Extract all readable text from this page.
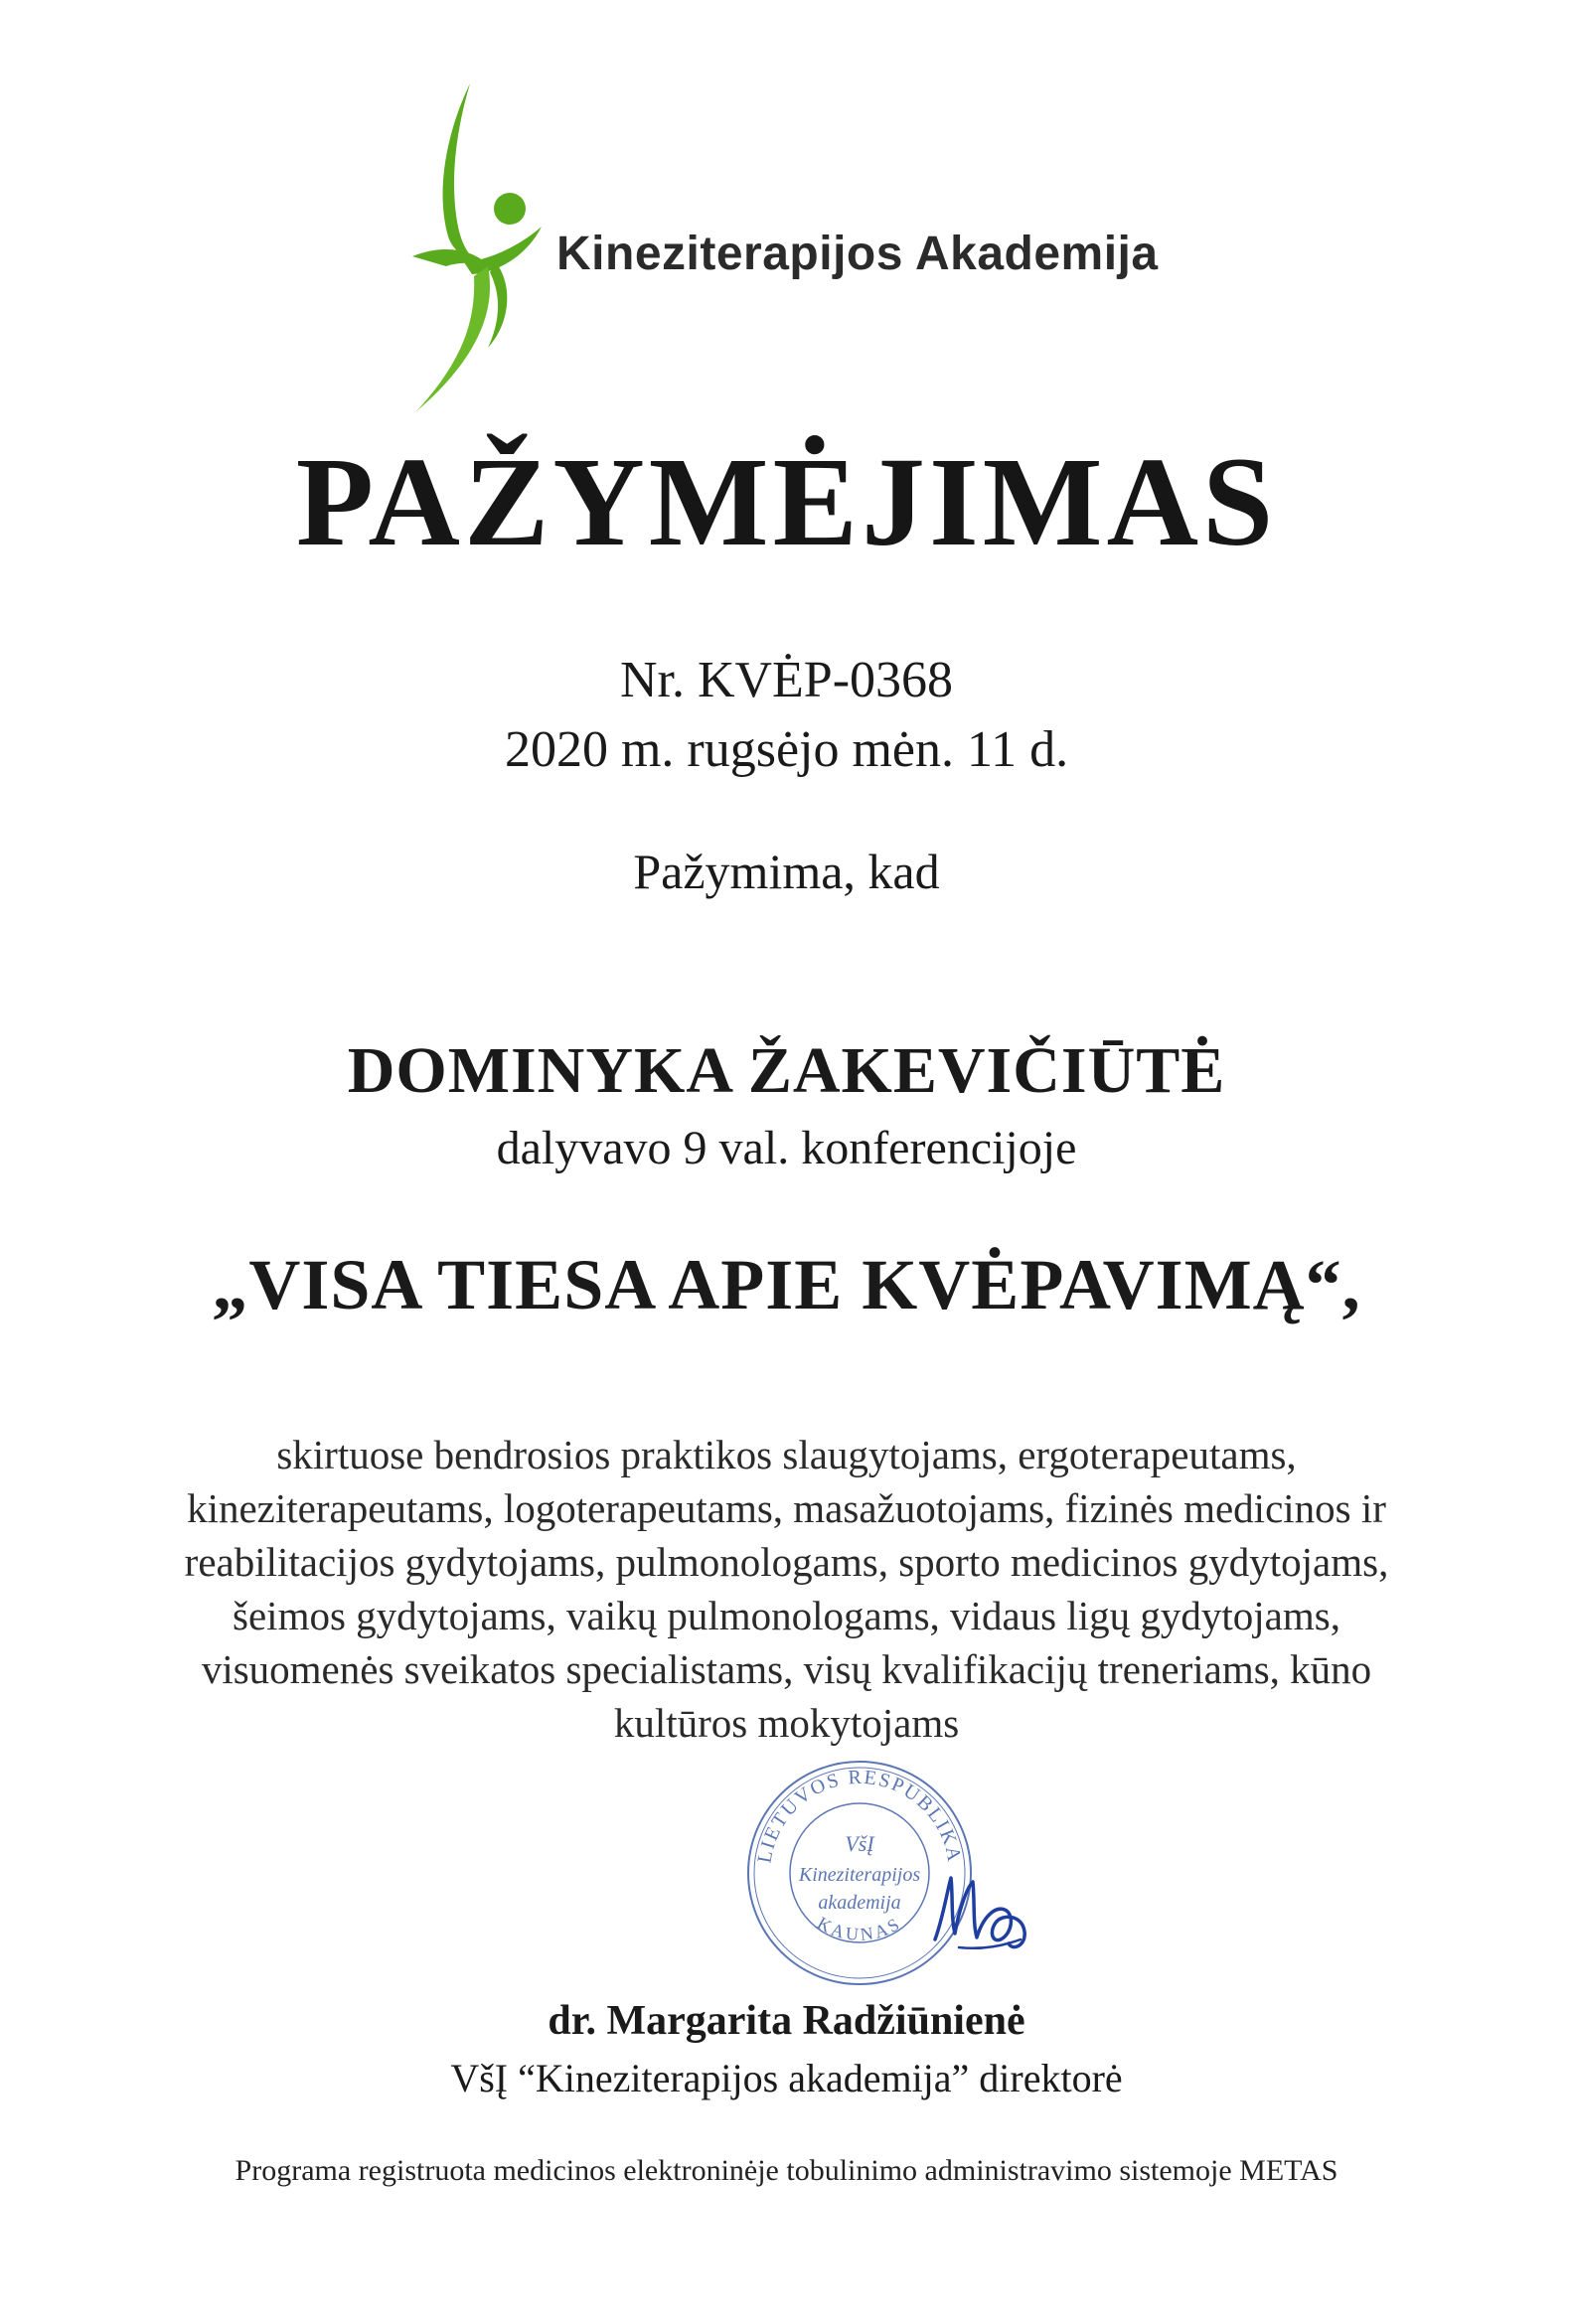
Kineziterapijos Akademija
PAŽYMĖJIMAS
Nr. KVĖP-0368
2020 m. rugsėjo mėn. 11 d.
Pažymima, kad
DOMINYKA ŽAKEVIČIŪTĖ
dalyvavo 9 val. konferencijoje
„VISA TIESA APIE KVĖPAVIMĄ“,
skirtuose bendrosios praktikos slaugytojams, ergoterapeutams,
kineziterapeutams, logoterapeutams, masažuotojams, fizinės medicinos ir
reabilitacijos gydytojams, pulmonologams, sporto medicinos gydytojams,
šeimos gydytojams, vaikų pulmonologams, vidaus ligų gydytojams,
visuomenės sveikatos specialistams, visų kvalifikacijų treneriams, kūno
kultūros mokytojams
LIETUVOS RESPUBLIKA
KAUNAS
VšĮ
Kineziterapijos
akademija
dr. Margarita Radžiūnienė
VšĮ “Kineziterapijos akademija” direktorė
Programa registruota medicinos elektroninėje tobulinimo administravimo sistemoje METAS
